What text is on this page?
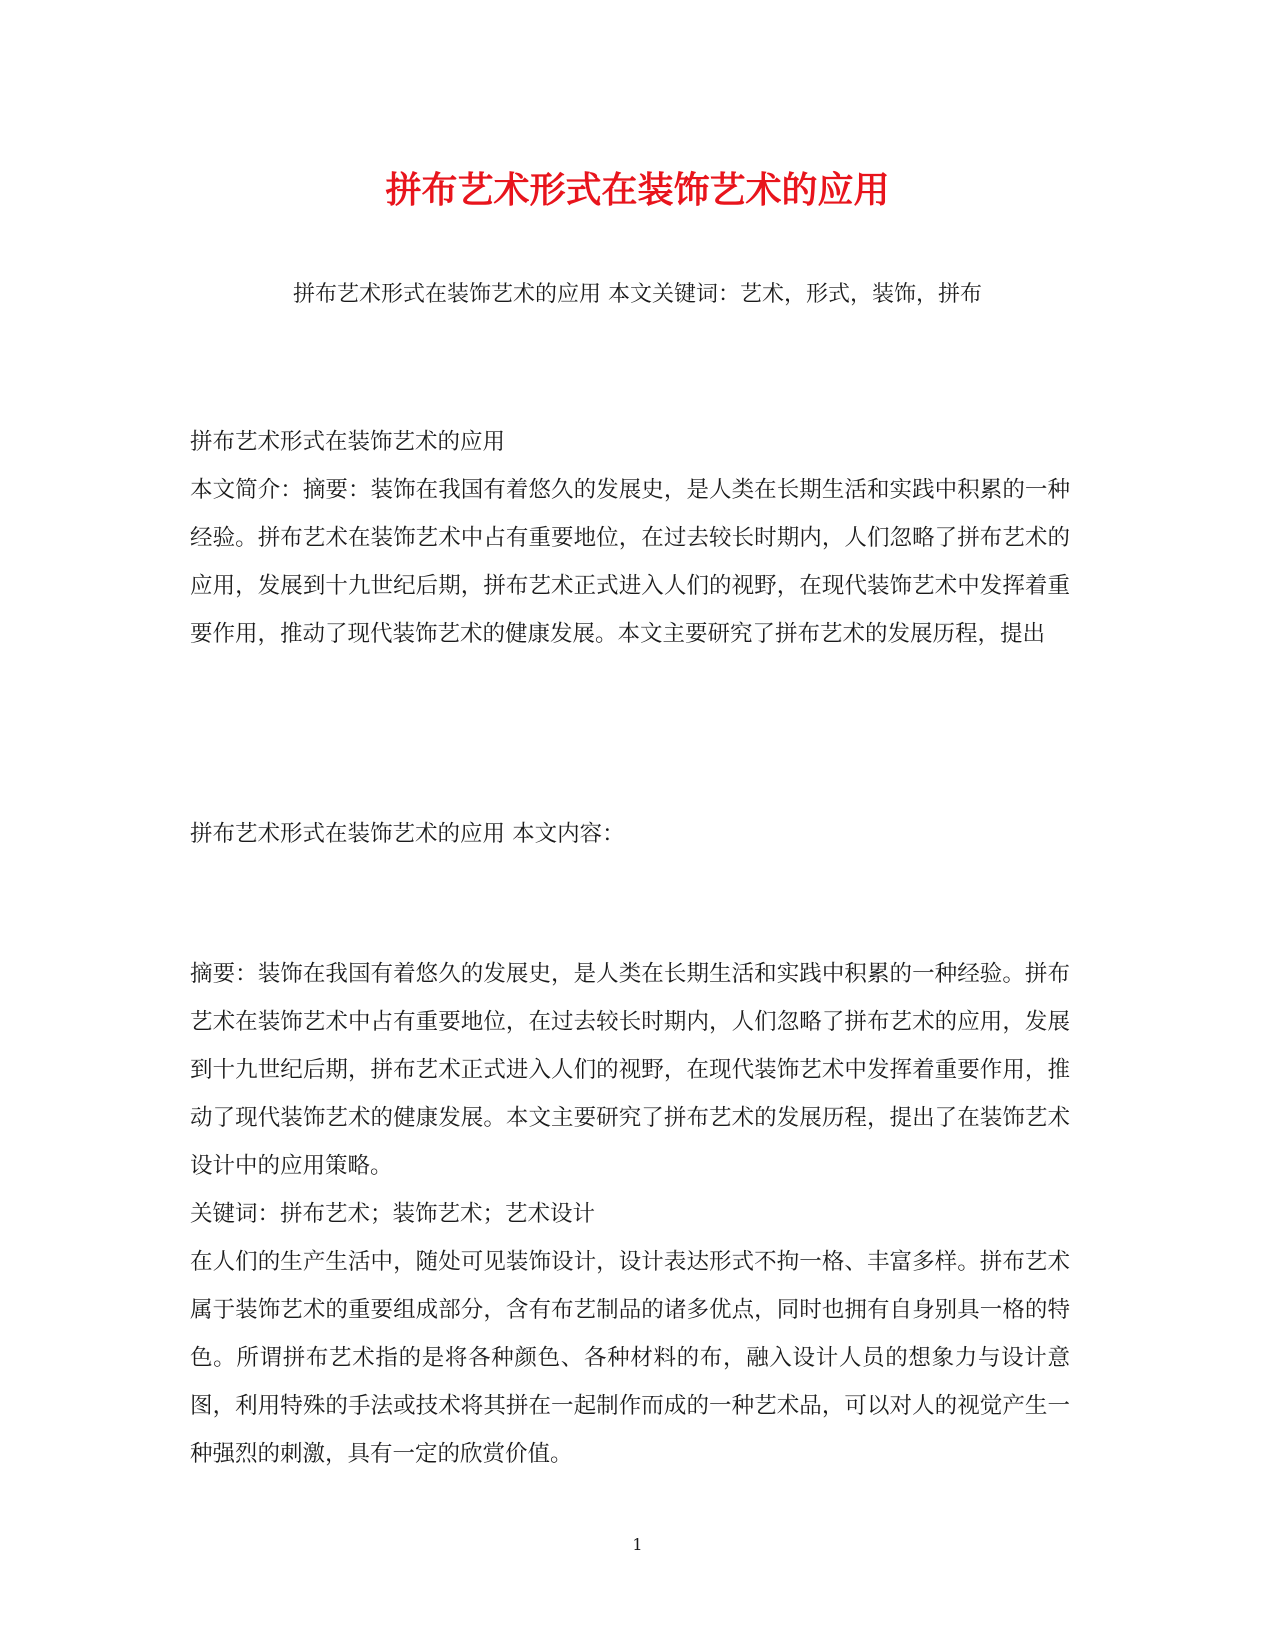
拼布艺术形式在装饰艺术的应用
拼布艺术形式在装饰艺术的应用 本文关键词：艺术，形式，装饰，拼布

拼布艺术形式在装饰艺术的应用

本文简介：摘要：装饰在我国有着悠久的发展史，是人类在长期生活和实践中积累的一种经验。拼布艺术在装饰艺术中占有重要地位，在过去较长时期内，人们忽略了拼布艺术的应用，发展到十九世纪后期，拼布艺术正式进入人们的视野，在现代装饰艺术中发挥着重要作用，推动了现代装饰艺术的健康发展。本文主要研究了拼布艺术的发展历程，提出

拼布艺术形式在装饰艺术的应用 本文内容：

摘要：装饰在我国有着悠久的发展史，是人类在长期生活和实践中积累的一种经验。拼布艺术在装饰艺术中占有重要地位，在过去较长时期内，人们忽略了拼布艺术的应用，发展到十九世纪后期，拼布艺术正式进入人们的视野，在现代装饰艺术中发挥着重要作用，推动了现代装饰艺术的健康发展。本文主要研究了拼布艺术的发展历程，提出了在装饰艺术设计中的应用策略。

关键词：拼布艺术；装饰艺术；艺术设计

在人们的生产生活中，随处可见装饰设计，设计表达形式不拘一格、丰富多样。拼布艺术属于装饰艺术的重要组成部分，含有布艺制品的诸多优点，同时也拥有自身别具一格的特色。所谓拼布艺术指的是将各种颜色、各种材料的布，融入设计人员的想象力与设计意图，利用特殊的手法或技术将其拼在一起制作而成的一种艺术品，可以对人的视觉产生一种强烈的刺激，具有一定的欣赏价值。

1
